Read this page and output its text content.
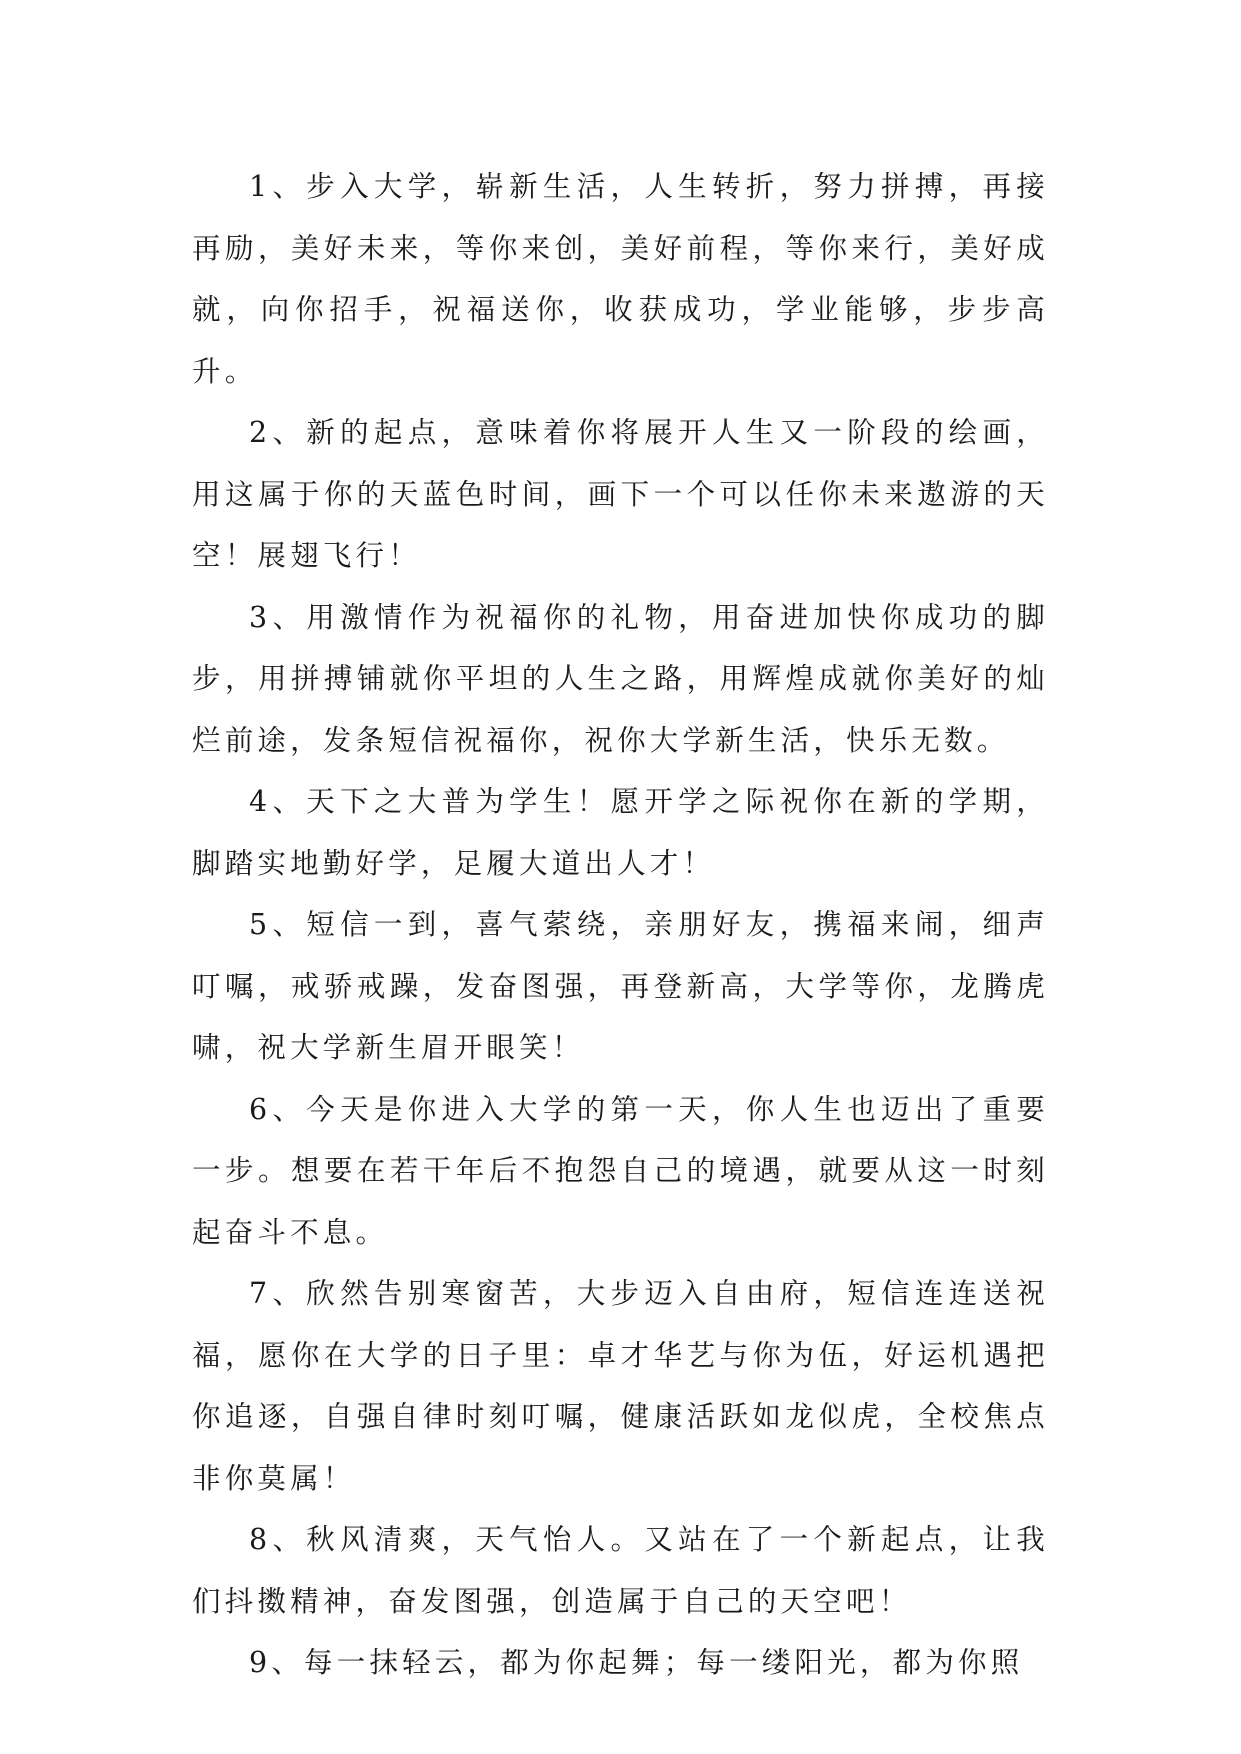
1、步入大学，崭新生活，人生转折，努力拼搏，再接再励，美好未来，等你来创，美好前程，等你来行，美好成就，向你招手，祝福送你，收获成功，学业能够，步步高升。

2、新的起点，意味着你将展开人生又一阶段的绘画，用这属于你的天蓝色时间，画下一个可以任你未来遨游的天空！展翅飞行！

3、用激情作为祝福你的礼物，用奋进加快你成功的脚步，用拼搏铺就你平坦的人生之路，用辉煌成就你美好的灿烂前途，发条短信祝福你，祝你大学新生活，快乐无数。

4、天下之大普为学生！愿开学之际祝你在新的学期，脚踏实地勤好学，足履大道出人才！

5、短信一到，喜气萦绕，亲朋好友，携福来闹，细声叮嘱，戒骄戒躁，发奋图强，再登新高，大学等你，龙腾虎啸，祝大学新生眉开眼笑！

6、今天是你进入大学的第一天，你人生也迈出了重要一步。想要在若干年后不抱怨自己的境遇，就要从这一时刻起奋斗不息。

7、欣然告别寒窗苦，大步迈入自由府，短信连连送祝福，愿你在大学的日子里：卓才华艺与你为伍，好运机遇把你追逐，自强自律时刻叮嘱，健康活跃如龙似虎，全校焦点非你莫属！

8、秋风清爽，天气怡人。又站在了一个新起点，让我们抖擞精神，奋发图强，创造属于自己的天空吧！

9、每一抹轻云，都为你起舞；每一缕阳光，都为你照
